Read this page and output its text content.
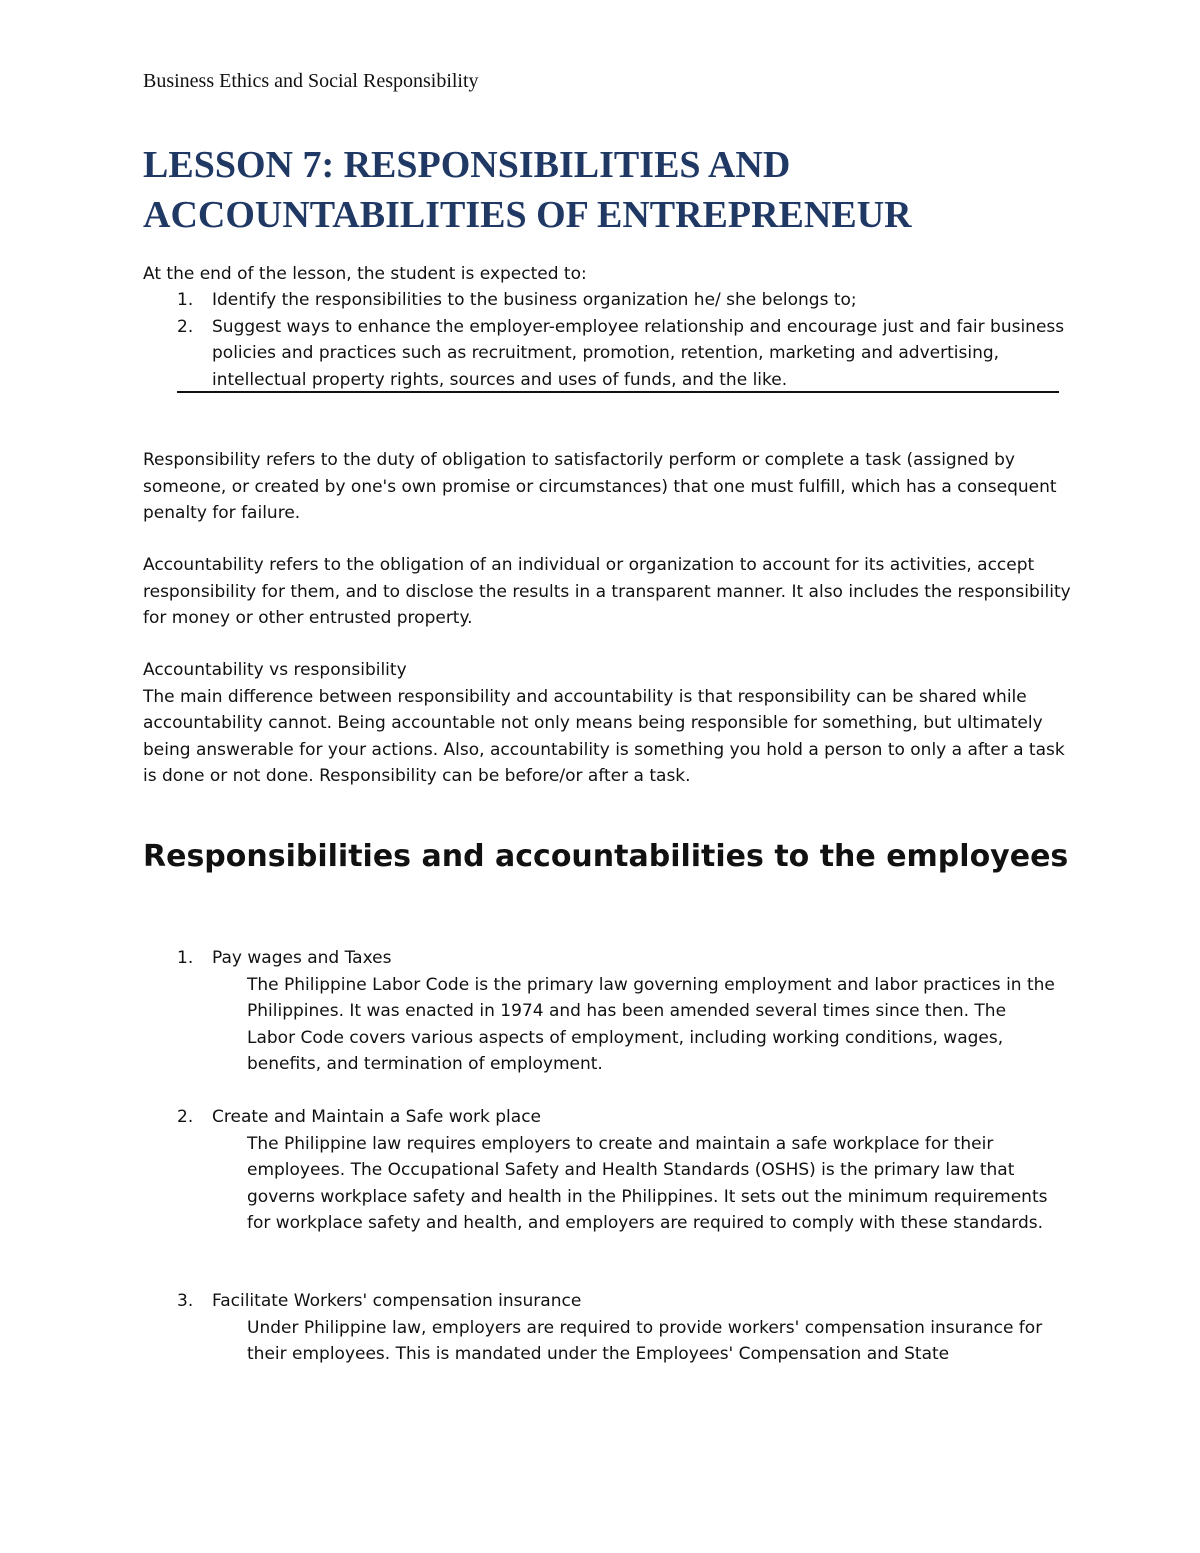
Business Ethics and Social Responsibility
LESSON 7: RESPONSIBILITIES AND
ACCOUNTABILITIES OF ENTREPRENEUR
At the end of the lesson, the student is expected to:
1. Identify the responsibilities to the business organization he/ she belongs to;
2. Suggest ways to enhance the employer-employee relationship and encourage just and fair business policies and practices such as recruitment, promotion, retention, marketing and advertising, intellectual property rights, sources and uses of funds, and the like.
Responsibility refers to the duty of obligation to satisfactorily perform or complete a task (assigned by someone, or created by one's own promise or circumstances) that one must fulfill, which has a consequent penalty for failure.
Accountability refers to the obligation of an individual or organization to account for its activities, accept responsibility for them, and to disclose the results in a transparent manner. It also includes the responsibility for money or other entrusted property.
Accountability vs responsibility
The main difference between responsibility and accountability is that responsibility can be shared while accountability cannot. Being accountable not only means being responsible for something, but ultimately being answerable for your actions. Also, accountability is something you hold a person to only a after a task is done or not done. Responsibility can be before/or after a task.
Responsibilities and accountabilities to the employees
1. Pay wages and Taxes
The Philippine Labor Code is the primary law governing employment and labor practices in the Philippines. It was enacted in 1974 and has been amended several times since then. The Labor Code covers various aspects of employment, including working conditions, wages, benefits, and termination of employment.
2. Create and Maintain a Safe work place
The Philippine law requires employers to create and maintain a safe workplace for their employees. The Occupational Safety and Health Standards (OSHS) is the primary law that governs workplace safety and health in the Philippines. It sets out the minimum requirements for workplace safety and health, and employers are required to comply with these standards.
3. Facilitate Workers' compensation insurance
Under Philippine law, employers are required to provide workers' compensation insurance for their employees. This is mandated under the Employees' Compensation and State
